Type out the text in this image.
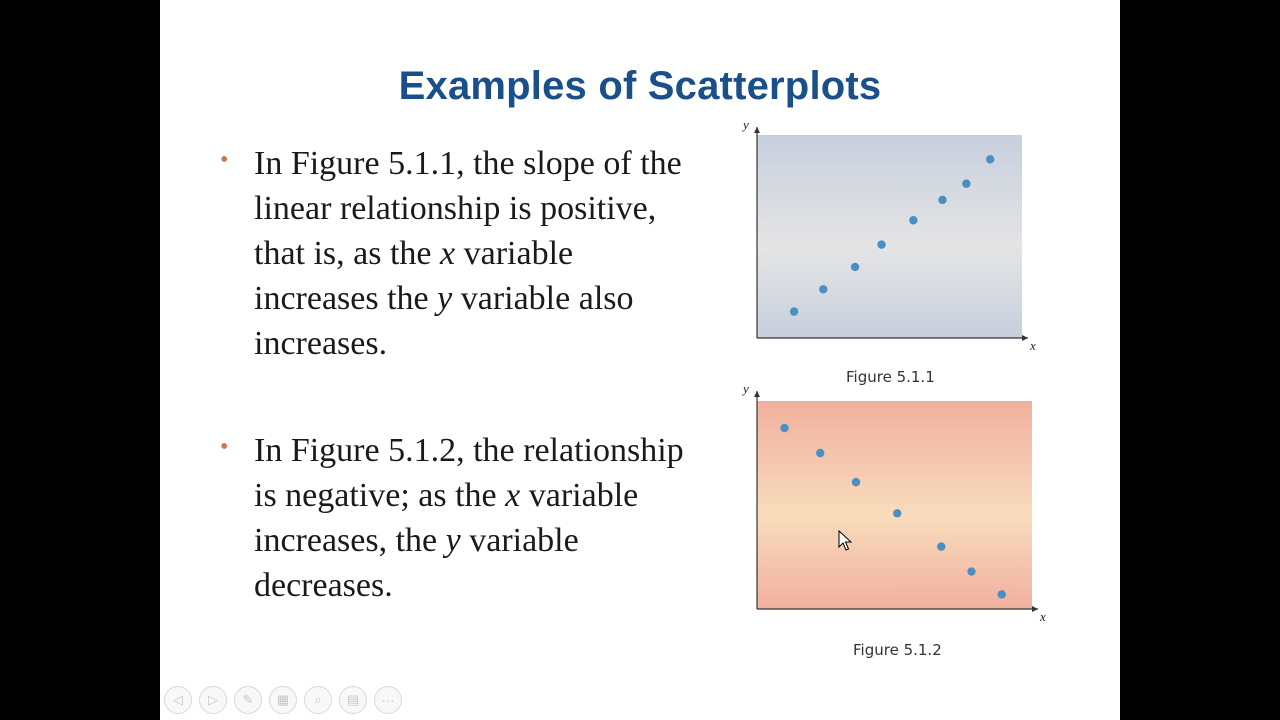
Examples of Scatterplots
• In Figure 5.1.1, the slope of the linear relationship is positive, that is, as the x variable increases the y variable also increases.
• In Figure 5.1.2, the relationship is negative; as the x variable increases, the y variable decreases.
x
y
Figure 5.1.1
x
y
Figure 5.1.2
◁ ▷ ✎ ▦ ⌕ ▤ ···
